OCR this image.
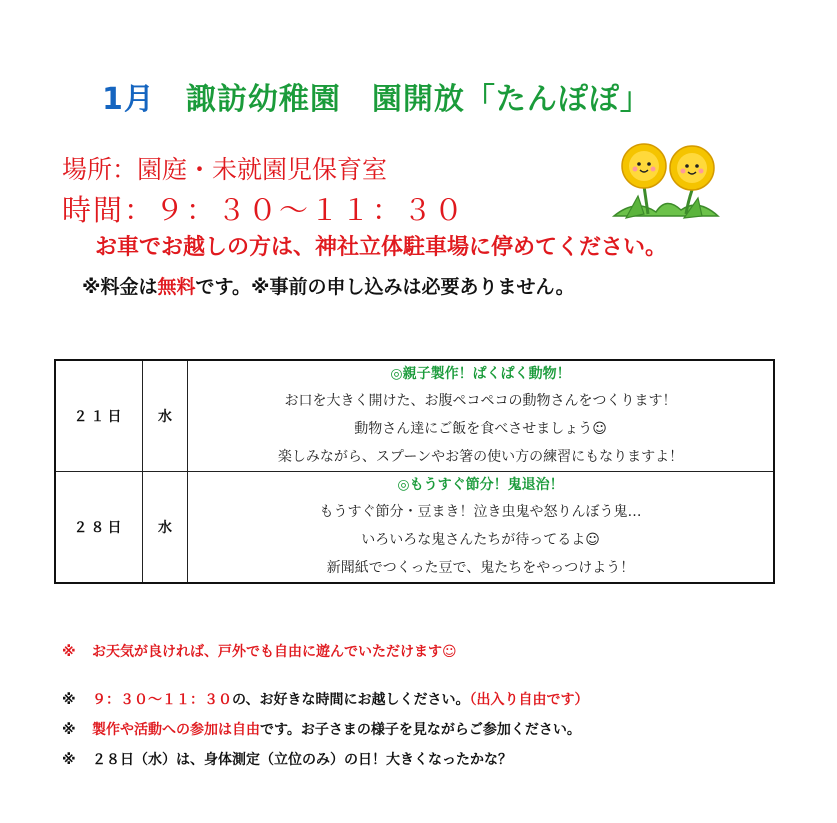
1月　 諏訪幼稚園　園開放「たんぽぽ」
場所：園庭・未就園児保育室
時間：９：３０〜１１：３０
お車でお越しの方は、神社立体駐車場に停めてください。
※料金は無料です。※事前の申し込みは必要ありません。
２１日	水	◎親子製作！ぱくぱく動物！
お口を大きく開けた、お腹ペコペコの動物さんをつくります！
動物さん達にご飯を食べさせましょう☺
楽しみながら、スプーンやお箸の使い方の練習にもなりますよ！

２８日	水	◎もうすぐ節分！鬼退治！
もうすぐ節分・豆まき！泣き虫鬼や怒りんぼう鬼…
いろいろな鬼さんたちが待ってるよ☺
新聞紙でつくった豆で、鬼たちをやっつけよう！
※ お天気が良ければ、戸外でも自由に遊んでいただけます☺
※ ９：３０〜１１：３０の、お好きな時間にお越しください。（出入り自由です）
※ 製作や活動への参加は自由です。お子さまの様子を見ながらご参加ください。
※ ２８日（水）は、身体測定（立位のみ）の日！大きくなったかな？
